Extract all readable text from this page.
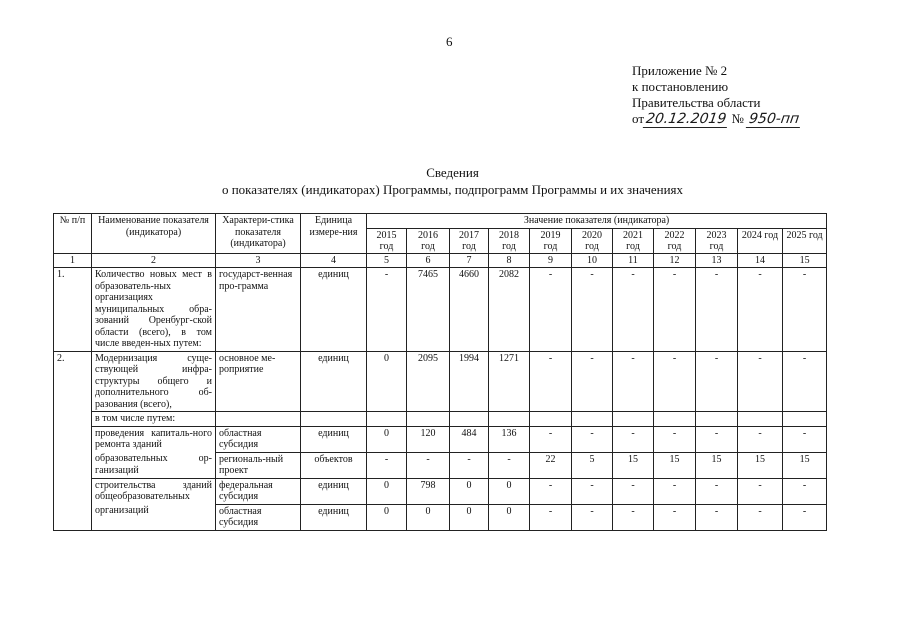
6
Приложение № 2
к постановлению
Правительства области
от20.12.2019 № 950-пп
Сведения
о показателях (индикаторах) Программы, подпрограмм Программы и их значениях
№ п/п	Наименование показателя (индикатора)	Характери-стика показателя (индикатора)	Единица измере-ния	Значение показателя (индикатора)										
				2015 год	2016 год	2017 год	2018 год	2019 год	2020 год	2021 год	2022 год	2023 год	2024 год	2025 год
1	2	3	4	5	6	7	8	9	10	11	12	13	14	15
1.	Количество новых мест в образователь-ных организациях муниципальных обра-зований Оренбург-ской области (всего), в том числе введен-ных путем:	государст-венная про-грамма	единиц	-	7465	4660	2082	-	-	-	-	-	-	-
2.	Модернизация суще-ствующей инфра-структуры общего и дополнительного об-разования (всего),	основное ме-роприятие	единиц	0	2095	1994	1271	-	-	-	-	-	-	-
	в том числе путем:													
	проведения капиталь-ного ремонта зданий	областная субсидия	единиц	0	120	484	136	-	-	-	-	-	-	-
	образовательных ор-ганизаций	региональ-ный проект	объектов	-	-	-	-	22	5	15	15	15	15	15
	строительства зданий общеобразовательных	федеральная субсидия	единиц	0	798	0	0	-	-	-	-	-	-	-
	организаций	областная субсидия	единиц	0	0	0	0	-	-	-	-	-	-	-
